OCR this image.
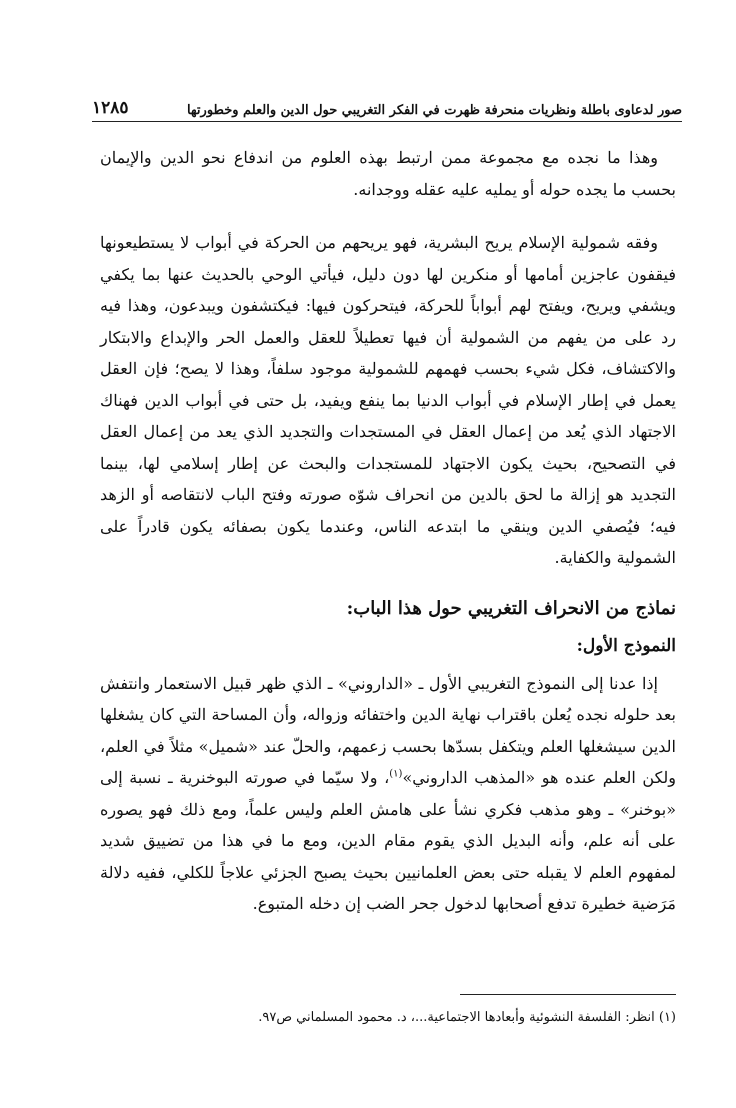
صور لدعاوى باطلة ونظريات منحرفة ظهرت في الفكر التغريبي حول الدين والعلم وخطورتها
١٢٨٥

وهذا ما نجده مع مجموعة ممن ارتبط بهذه العلوم من اندفاع نحو الدين والإيمان بحسب ما يجده حوله أو يمليه عليه عقله ووجدانه.

وفقه شمولية الإسلام يريح البشرية، فهو يريحهم من الحركة في أبواب لا يستطيعونها فيقفون عاجزين أمامها أو منكرين لها دون دليل، فيأتي الوحي بالحديث عنها بما يكفي ويشفي ويريح، ويفتح لهم أبواباً للحركة، فيتحركون فيها: فيكتشفون ويبدعون، وهذا فيه رد على من يفهم من الشمولية أن فيها تعطيلاً للعقل والعمل الحر والإبداع والابتكار والاكتشاف، فكل شيء بحسب فهمهم للشمولية موجود سلفاً، وهذا لا يصح؛ فإن العقل يعمل في إطار الإسلام في أبواب الدنيا بما ينفع ويفيد، بل حتى في أبواب الدين فهناك الاجتهاد الذي يُعد من إعمال العقل في المستجدات والتجديد الذي يعد من إعمال العقل في التصحيح، بحيث يكون الاجتهاد للمستجدات والبحث عن إطار إسلامي لها، بينما التجديد هو إزالة ما لحق بالدين من انحراف شوّه صورته وفتح الباب لانتقاصه أو الزهد فيه؛ فيُصفي الدين وينقي ما ابتدعه الناس، وعندما يكون بصفائه يكون قادراً على الشمولية والكفاية.

نماذج من الانحراف التغريبي حول هذا الباب:
النموذج الأول:

إذا عدنا إلى النموذج التغريبي الأول ـ «الداروني» ـ الذي ظهر قبيل الاستعمار وانتفش بعد حلوله نجده يُعلن باقتراب نهاية الدين واختفائه وزواله، وأن المساحة التي كان يشغلها الدين سيشغلها العلم ويتكفل بسدّها بحسب زعمهم، والحلّ عند «شميل» مثلاً في العلم، ولكن العلم عنده هو «المذهب الداروني»$^{(١)}$، ولا سيّما في صورته البوخنرية ـ نسبة إلى «بوخنر» ـ وهو مذهب فكري نشأ على هامش العلم وليس علماً، ومع ذلك فهو يصوره على أنه علم، وأنه البديل الذي يقوم مقام الدين، ومع ما في هذا من تضييق شديد لمفهوم العلم لا يقبله حتى بعض العلمانيين بحيث يصبح الجزئي علاجاً للكلي، ففيه دلالة مَرَضية خطيرة تدفع أصحابها لدخول جحر الضب إن دخله المتبوع.

(١) انظر: الفلسفة النشوئية وأبعادها الاجتماعية...، د. محمود المسلماني ص٩٧.
